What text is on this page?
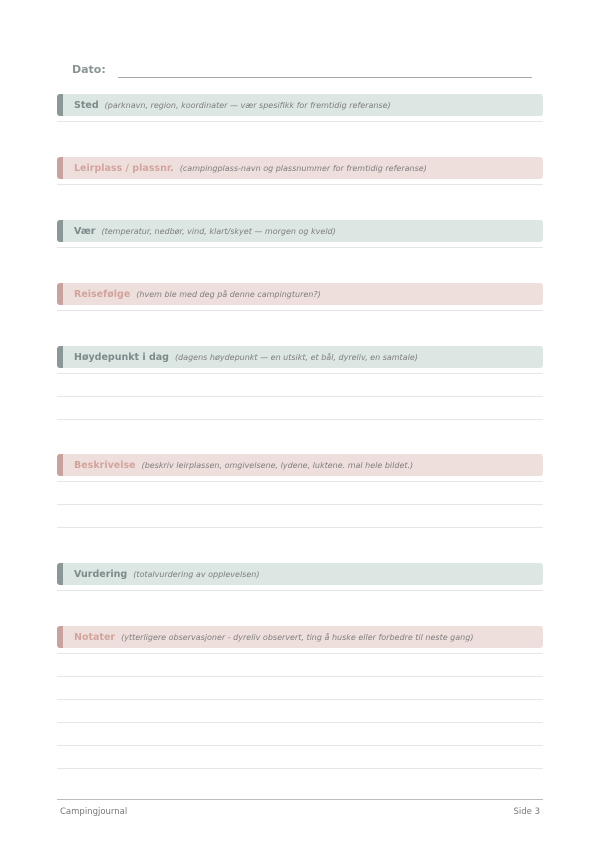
Dato:
Sted (parknavn, region, koordinater — vær spesifikk for fremtidig referanse)
Leirplass / plassnr. (campingplass-navn og plassnummer for fremtidig referanse)
Vær (temperatur, nedbør, vind, klart/skyet — morgen og kveld)
Reisefølge (hvem ble med deg på denne campingturen?)
Høydepunkt i dag (dagens høydepunkt — en utsikt, et bål, dyreliv, en samtale)
Beskrivelse (beskriv leirplassen, omgivelsene, lydene, luktene. mal hele bildet.)
Vurdering (totalvurdering av opplevelsen)
Notater (ytterligere observasjoner - dyreliv observert, ting å huske eller forbedre til neste gang)
Campingjournal	Side 3
